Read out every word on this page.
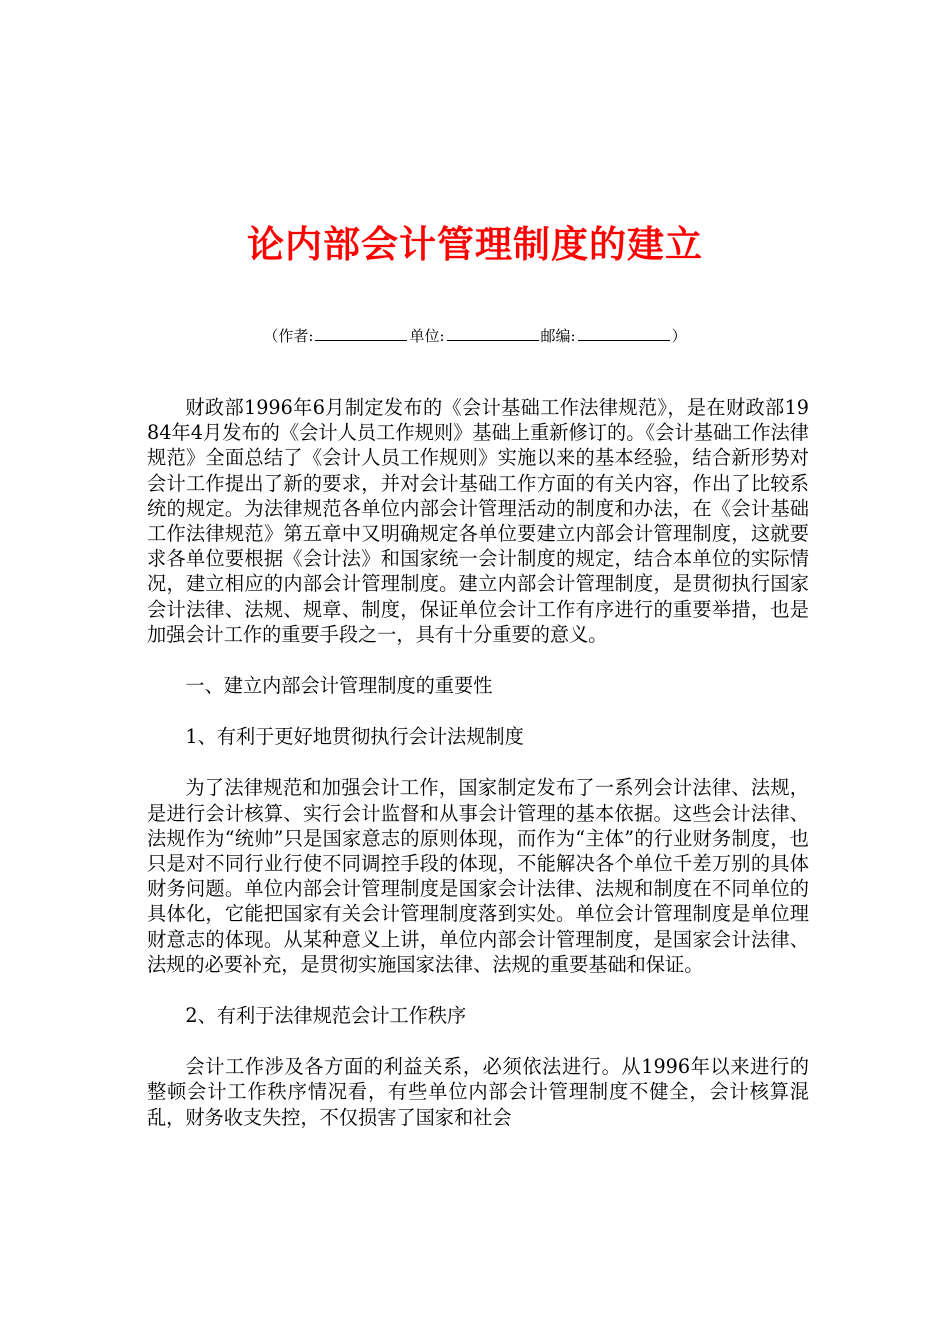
论内部会计管理制度的建立
（作者:	单位:	邮编:	）

财政部1996年6月制定发布的《会计基础工作法律规范》，是在财政部1984年4月发布的《会计人员工作规则》基础上重新修订的。《会计基础工作法律规范》全面总结了《会计人员工作规则》实施以来的基本经验，结合新形势对会计工作提出了新的要求，并对会计基础工作方面的有关内容，作出了比较系统的规定。为法律规范各单位内部会计管理活动的制度和办法，在《会计基础工作法律规范》第五章中又明确规定各单位要建立内部会计管理制度，这就要求各单位要根据《会计法》和国家统一会计制度的规定，结合本单位的实际情况，建立相应的内部会计管理制度。建立内部会计管理制度，是贯彻执行国家会计法律、法规、规章、制度，保证单位会计工作有序进行的重要举措，也是加强会计工作的重要手段之一，具有十分重要的意义。

一、建立内部会计管理制度的重要性

1、有利于更好地贯彻执行会计法规制度

为了法律规范和加强会计工作，国家制定发布了一系列会计法律、法规，是进行会计核算、实行会计监督和从事会计管理的基本依据。这些会计法律、法规作为“统帅”只是国家意志的原则体现，而作为“主体”的行业财务制度，也只是对不同行业行使不同调控手段的体现，不能解决各个单位千差万别的具体财务问题。单位内部会计管理制度是国家会计法律、法规和制度在不同单位的具体化，它能把国家有关会计管理制度落到实处。单位会计管理制度是单位理财意志的体现。从某种意义上讲，单位内部会计管理制度，是国家会计法律、法规的必要补充，是贯彻实施国家法律、法规的重要基础和保证。

2、有利于法律规范会计工作秩序

会计工作涉及各方面的利益关系，必须依法进行。从1996年以来进行的整顿会计工作秩序情况看，有些单位内部会计管理制度不健全，会计核算混乱，财务收支失控，不仅损害了国家和社会
